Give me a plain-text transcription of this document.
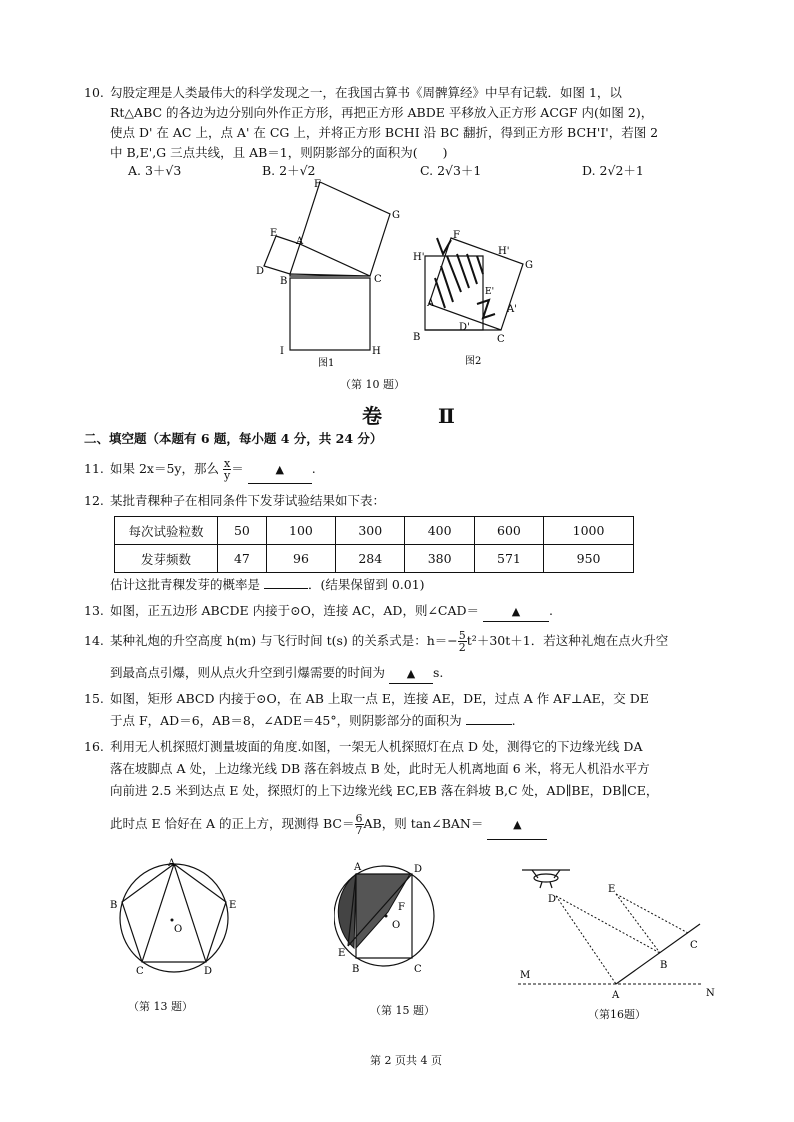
10. 勾股定理是人类最伟大的科学发现之一，在我国古算书《周髀算经》中早有记载．如图 1，以
Rt△ABC 的各边为边分别向外作正方形，再把正方形 ABDE 平移放入正方形 ACGF 内(如图 2)，
使点 D' 在 AC 上，点 A' 在 CG 上，并将正方形 BCHI 沿 BC 翻折，得到正方形 BCH'I'，若图 2
中 B,E',G 三点共线，且 AB＝1，则阴影部分的面积为(　　)
A. 3＋√3	B. 2＋√2	C. 2√3＋1	D. 2√2＋1
F
G
E
A
D
B	C
I	H
图1
H'
F
H'
G
E'
A
A'
D'
B	C
图2
（第 10 题）
卷　Ⅱ
二、填空题（本题有 6 题，每小题 4 分，共 24 分）
11. 如果 2x＝5y，那么 $\frac{x}{y}$ ＝	▲ .
12. 某批青稞种子在相同条件下发芽试验结果如下表：
每次试验粒数	50	100	300	400	600	1000
发芽频数	47	96	284	380	571	950
估计这批青稞发芽的概率是	．(结果保留到 0.01)
13. 如图，正五边形 ABCDE 内接于⊙O，连接 AC，AD，则∠CAD＝	▲ .
14. 某种礼炮的升空高度 h(m) 与飞行时间 t(s) 的关系式是：$h=- \frac{5}{2} t^2+30t+1$．若这种礼炮在点火升空
到最高点引爆，则从点火升空到引爆需要的时间为 ▲ s.
15. 如图，矩形 ABCD 内接于⊙O，在 AB 上取一点 E，连接 AE，DE，过点 A 作 AF⊥AE，交 DE
于点 F，AD＝6，AB＝8，∠ADE＝45°，则阴影部分的面积为	.
16. 利用无人机探照灯测量坡面的角度.如图，一架无人机探照灯在点 D 处，测得它的下边缘光线 DA
落在坡脚点 A 处，上边缘光线 DB 落在斜坡点 B 处，此时无人机离地面 6 米，将无人机沿水平方
向前进 2.5 米到达点 E 处，探照灯的上下边缘光线 EC,EB 落在斜坡 B,C 处，AD∥BE，DB∥CE，
此时点 E 恰好在 A 的正上方，现测得 $BC= \frac{6}{7}$ AB，则 tan∠BAN＝	▲
A
B	E
O
C	D
（第 13 题）
A	D
F
O
E
B	C
（第 15 题）
D
E
C
B
M
A	N
（第16题）
第 2 页共 4 页
